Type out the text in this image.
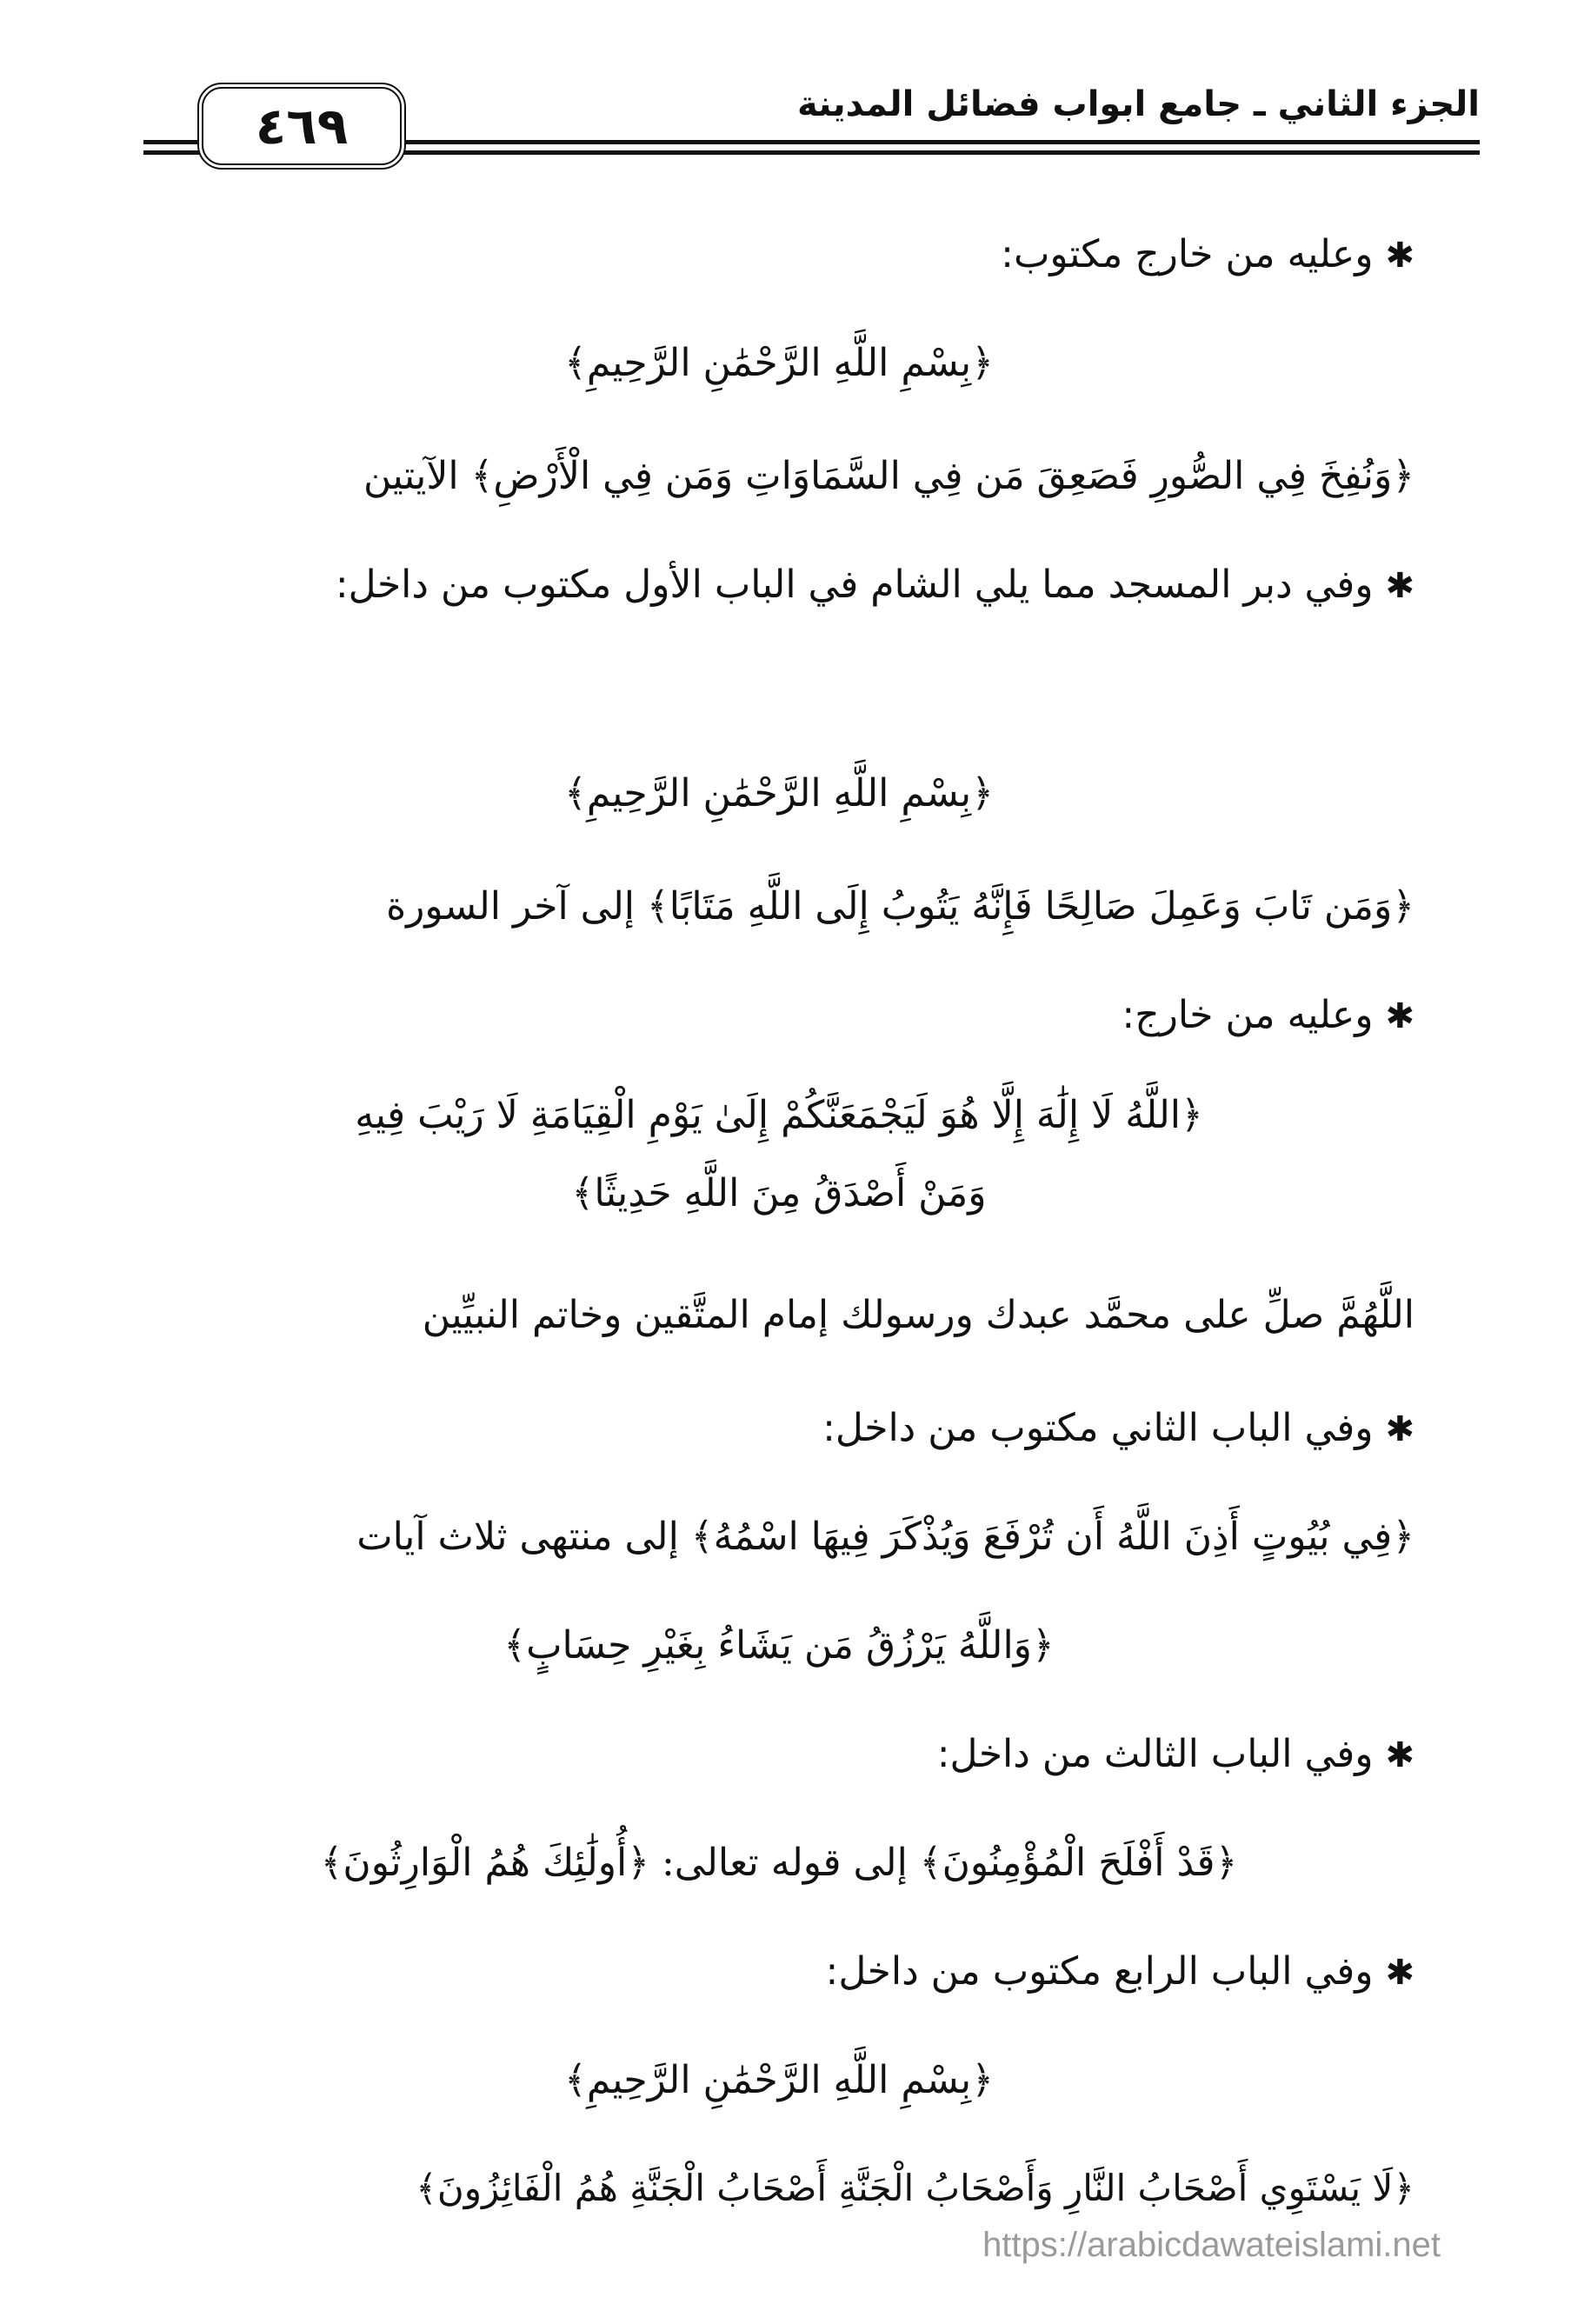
الجزء الثاني ـ جامع ابواب فضائل المدينة
٤٦٩
✱وعليه من خارج مكتوب:
﴿بِسْمِ اللَّهِ الرَّحْمَٰنِ الرَّحِيمِ﴾
﴿وَنُفِخَ فِي الصُّورِ فَصَعِقَ مَن فِي السَّمَاوَاتِ وَمَن فِي الْأَرْضِ﴾ الآيتين
✱وفي دبر المسجد مما يلي الشام في الباب الأول مكتوب من داخل:
﴿بِسْمِ اللَّهِ الرَّحْمَٰنِ الرَّحِيمِ﴾
﴿وَمَن تَابَ وَعَمِلَ صَالِحًا فَإِنَّهُ يَتُوبُ إِلَى اللَّهِ مَتَابًا﴾ إلى آخر السورة
✱وعليه من خارج:
﴿اللَّهُ لَا إِلَٰهَ إِلَّا هُوَ لَيَجْمَعَنَّكُمْ إِلَىٰ يَوْمِ الْقِيَامَةِ لَا رَيْبَ فِيهِ
وَمَنْ أَصْدَقُ مِنَ اللَّهِ حَدِيثًا﴾
اللَّهُمَّ صلِّ على محمَّد عبدك ورسولك إمام المتَّقين وخاتم النبيِّين
✱وفي الباب الثاني مكتوب من داخل:
﴿فِي بُيُوتٍ أَذِنَ اللَّهُ أَن تُرْفَعَ وَيُذْكَرَ فِيهَا اسْمُهُ﴾ إلى منتهى ثلاث آيات
﴿وَاللَّهُ يَرْزُقُ مَن يَشَاءُ بِغَيْرِ حِسَابٍ﴾
✱وفي الباب الثالث من داخل:
﴿قَدْ أَفْلَحَ الْمُؤْمِنُونَ﴾ إلى قوله تعالى: ﴿أُولَٰئِكَ هُمُ الْوَارِثُونَ﴾
✱وفي الباب الرابع مكتوب من داخل:
﴿بِسْمِ اللَّهِ الرَّحْمَٰنِ الرَّحِيمِ﴾
﴿لَا يَسْتَوِي أَصْحَابُ النَّارِ وَأَصْحَابُ الْجَنَّةِ أَصْحَابُ الْجَنَّةِ هُمُ الْفَائِزُونَ﴾
https://arabicdawateislami.net
